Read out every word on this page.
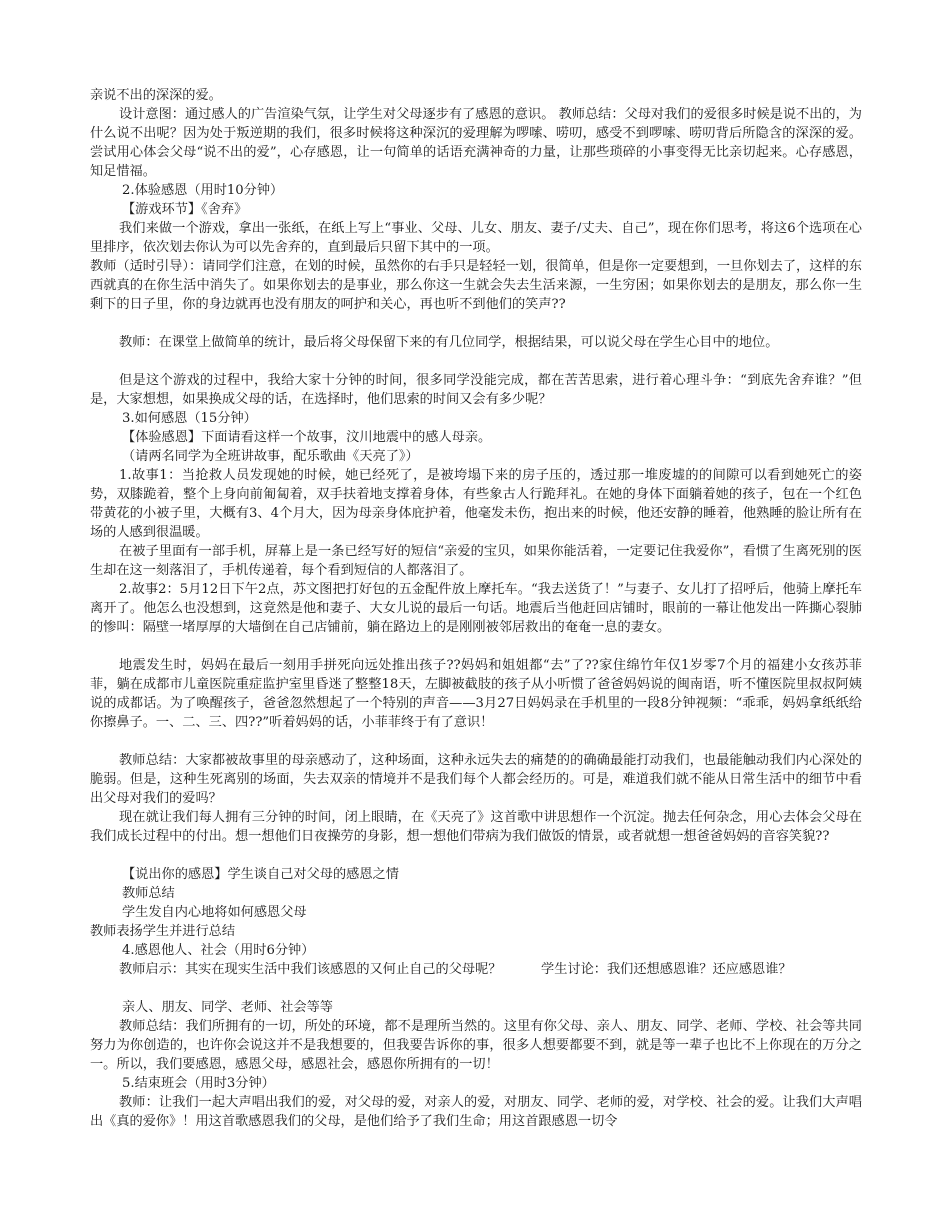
亲说不出的深深的爱。

设计意图：通过感人的广告渲染气氛，让学生对父母逐步有了感恩的意识。 教师总结：父母对我们的爱很多时候是说不出的，为什么说不出呢？因为处于叛逆期的我们，很多时候将这种深沉的爱理解为啰嗦、唠叨，感受不到啰嗦、唠叨背后所隐含的深深的爱。尝试用心体会父母“说不出的爱”，心存感恩，让一句简单的话语充满神奇的力量，让那些琐碎的小事变得无比亲切起来。心存感恩，知足惜福。

2.体验感恩（用时10分钟）

【游戏环节】《舍弃》

我们来做一个游戏，拿出一张纸，在纸上写上“事业、父母、儿女、朋友、妻子/丈夫、自己”，现在你们思考，将这6个选项在心里排序，依次划去你认为可以先舍弃的，直到最后只留下其中的一项。

教师（适时引导）：请同学们注意，在划的时候，虽然你的右手只是轻轻一划，很简单，但是你一定要想到，一旦你划去了，这样的东西就真的在你生活中消失了。如果你划去的是事业，那么你这一生就会失去生活来源，一生穷困；如果你划去的是朋友，那么你一生剩下的日子里，你的身边就再也没有朋友的呵护和关心，再也听不到他们的笑声??

教师：在课堂上做简单的统计，最后将父母保留下来的有几位同学，根据结果，可以说父母在学生心目中的地位。

但是这个游戏的过程中，我给大家十分钟的时间，很多同学没能完成，都在苦苦思索，进行着心理斗争：“到底先舍弃谁？”但是，大家想想，如果换成父母的话，在选择时，他们思索的时间又会有多少呢？

3.如何感恩（15分钟）

【体验感恩】下面请看这样一个故事，汶川地震中的感人母亲。

（请两名同学为全班讲故事，配乐歌曲《天亮了》）

1.故事1：当抢救人员发现她的时候，她已经死了，是被垮塌下来的房子压的，透过那一堆废墟的的间隙可以看到她死亡的姿势，双膝跪着，整个上身向前匍匐着，双手扶着地支撑着身体，有些象古人行跪拜礼。在她的身体下面躺着她的孩子，包在一个红色带黄花的小被子里，大概有3、4个月大，因为母亲身体庇护着，他毫发未伤，抱出来的时候，他还安静的睡着，他熟睡的脸让所有在场的人感到很温暖。

在被子里面有一部手机，屏幕上是一条已经写好的短信“亲爱的宝贝，如果你能活着，一定要记住我爱你”，看惯了生离死别的医生却在这一刻落泪了，手机传递着，每个看到短信的人都落泪了。

2.故事2：5月12日下午2点，苏文图把打好包的五金配件放上摩托车。“我去送货了！”与妻子、女儿打了招呼后，他骑上摩托车离开了。他怎么也没想到，这竟然是他和妻子、大女儿说的最后一句话。地震后当他赶回店铺时，眼前的一幕让他发出一阵撕心裂肺的惨叫：隔壁一堵厚厚的大墙倒在自己店铺前，躺在路边上的是刚刚被邻居救出的奄奄一息的妻女。

地震发生时，妈妈在最后一刻用手拼死向远处推出孩子??妈妈和姐姐都“去”了??家住绵竹年仅1岁零7个月的福建小女孩苏菲菲，躺在成都市儿童医院重症监护室里昏迷了整整18天，左脚被截肢的孩子从小听惯了爸爸妈妈说的闽南语，听不懂医院里叔叔阿姨说的成都话。为了唤醒孩子，爸爸忽然想起了一个特别的声音——3月27日妈妈录在手机里的一段8分钟视频：“乖乖，妈妈拿纸纸给你擦鼻子。一、二、三、四??”听着妈妈的话，小菲菲终于有了意识！

教师总结：大家都被故事里的母亲感动了，这种场面，这种永远失去的痛楚的的确确最能打动我们，也最能触动我们内心深处的脆弱。但是，这种生死离别的场面，失去双亲的情境并不是我们每个人都会经历的。可是，难道我们就不能从日常生活中的细节中看出父母对我们的爱吗？

现在就让我们每人拥有三分钟的时间，闭上眼睛，在《天亮了》这首歌中讲思想作一个沉淀。抛去任何杂念，用心去体会父母在我们成长过程中的付出。想一想他们日夜操劳的身影，想一想他们带病为我们做饭的情景，或者就想一想爸爸妈妈的音容笑貌??

【说出你的感恩】学生谈自己对父母的感恩之情

教师总结

学生发自内心地将如何感恩父母

教师表扬学生并进行总结

4.感恩他人、社会（用时6分钟）

教师启示：其实在现实生活中我们该感恩的又何止自己的父母呢？　　　学生讨论：我们还想感恩谁？还应感恩谁？

亲人、朋友、同学、老师、社会等等

教师总结：我们所拥有的一切，所处的环境，都不是理所当然的。这里有你父母、亲人、朋友、同学、老师、学校、社会等共同努力为你创造的，也许你会说这并不是我想要的，但我要告诉你的事，很多人想要都要不到，就是等一辈子也比不上你现在的万分之一。所以，我们要感恩，感恩父母，感恩社会，感恩你所拥有的一切！

5.结束班会（用时3分钟）

教师：让我们一起大声唱出我们的爱，对父母的爱，对亲人的爱，对朋友、同学、老师的爱，对学校、社会的爱。让我们大声唱出《真的爱你》！用这首歌感恩我们的父母，是他们给予了我们生命；用这首跟感恩一切令
